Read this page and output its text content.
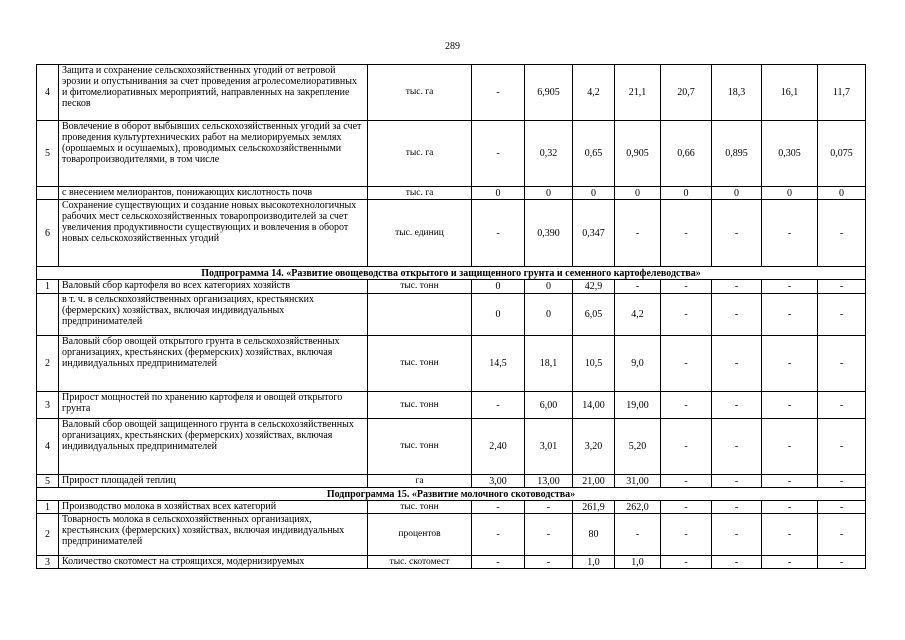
289
4	Защита и сохранение сельскохозяйственных угодий от ветровой эрозии и опустынивания за счет проведения агролесомелиоративных и фитомелиоративных мероприятий, направленных на закрепление песков	тыс. га	-	6,905	4,2	21,1	20,7	18,3	16,1	11,7
5	Вовлечение в оборот выбывших сельскохозяйственных угодий за счет проведения культуртехнических работ на мелиорируемых землях (орошаемых и осушаемых), проводимых сельскохозяйственными товаропроизводителями, в том числе	тыс. га	-	0,32	0,65	0,905	0,66	0,895	0,305	0,075
	с внесением мелиорантов, понижающих кислотность почв	тыс. га	0	0	0	0	0	0	0	0
6	Сохранение существующих и создание новых высокотехнологичных рабочих мест сельскохозяйственных товаропроизводителей за счет увеличения продуктивности существующих и вовлечения в оборот новых сельскохозяйственных угодий	тыс. единиц	-	0,390	0,347	-	-	-	-	-
Подпрограмма 14. «Развитие овощеводства открытого и защищенного грунта и семенного картофелеводства»										
1	Валовый сбор картофеля во всех категориях хозяйств	тыс. тонн	0	0	42,9	-	-	-	-	-
	в т. ч. в сельскохозяйственных организациях, крестьянских (фермерских) хозяйствах, включая индивидуальных предпринимателей		0	0	6,05	4,2	-	-	-	-
2	Валовый сбор овощей открытого грунта в сельскохозяйственных организациях, крестьянских (фермерских) хозяйствах, включая индивидуальных предпринимателей	тыс. тонн	14,5	18,1	10,5	9,0	-	-	-	-
3	Прирост мощностей по хранению картофеля и овощей открытого грунта	тыс. тонн	-	6,00	14,00	19,00	-	-	-	-
4	Валовый сбор овощей защищенного грунта в сельскохозяйственных организациях, крестьянских (фермерских) хозяйствах, включая индивидуальных предпринимателей	тыс. тонн	2,40	3,01	3,20	5,20	-	-	-	-
5	Прирост площадей теплиц	га	3,00	13,00	21,00	31,00	-	-	-	-
Подпрограмма 15. «Развитие молочного скотоводства»										
1	Производство молока в хозяйствах всех категорий	тыс. тонн	-	-	261,9	262,0	-	-	-	-
2	Товарность молока в сельскохозяйственных организациях, крестьянских (фермерских) хозяйствах, включая индивидуальных предпринимателей	процентов	-	-	80	-	-	-	-	-
3	Количество скотомест на строящихся, модернизируемых	тыс. скотомест	-	-	1,0	1,0	-	-	-	-
